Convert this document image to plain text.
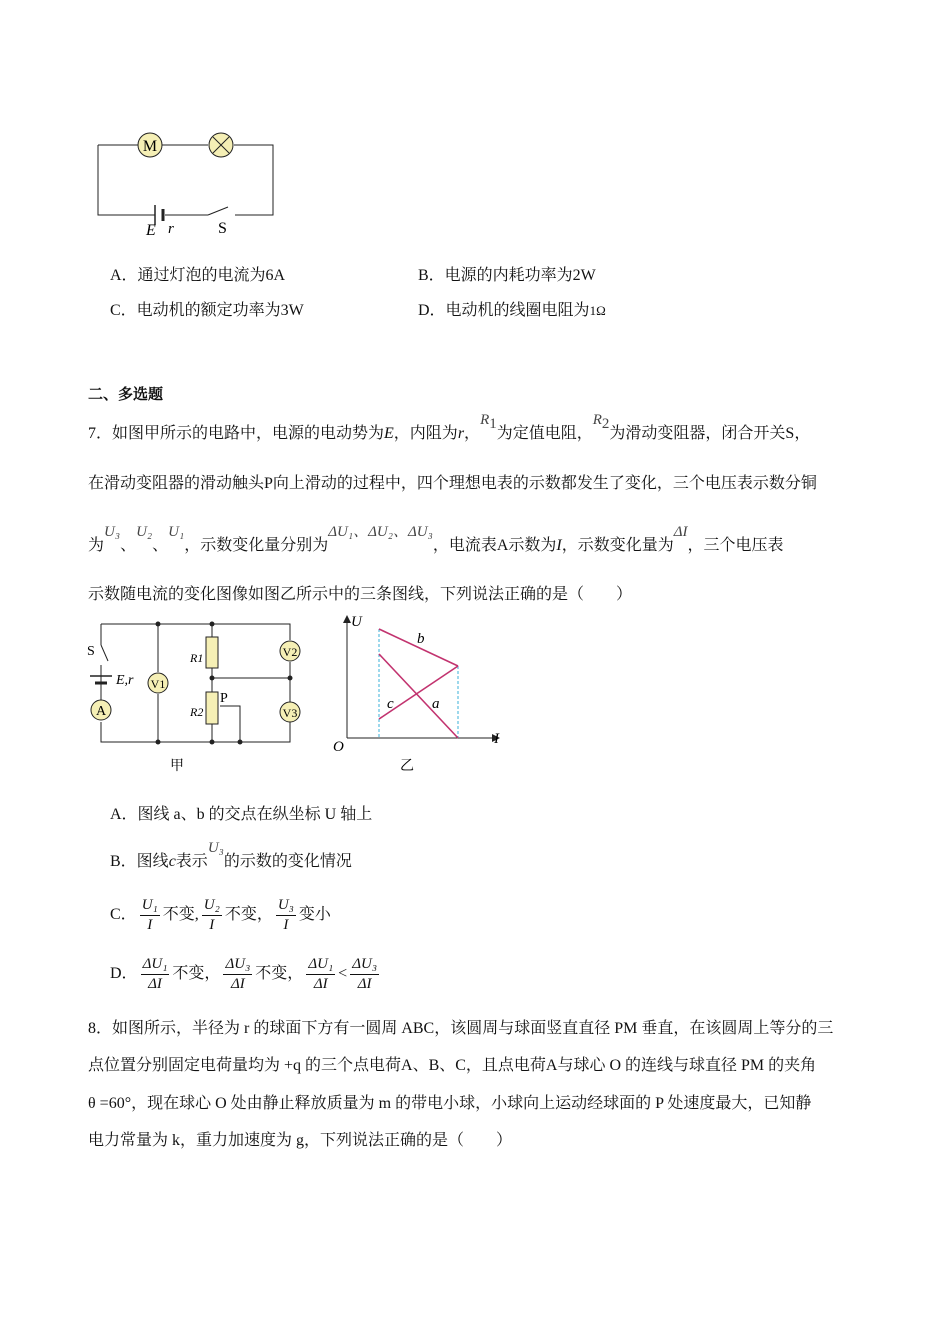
M
E r	S
A．通过灯泡的电流为6A	B．电源的内耗功率为2W
C．电动机的额定功率为3W	D．电动机的线圈电阻为1Ω
二、多选题
7．如图甲所示的电路中，电源的电动势为E，内阻为r，$R_1$为定值电阻，$R_2$为滑动变阻器，闭合开关S，
在滑动变阻器的滑动触头P向上滑动的过程中，四个理想电表的示数都发生了变化，三个电压表示数分铜
为U₃、U₂、U₁，示数变化量分别为ΔU₁、ΔU₂、ΔU₃，电流表A示数为I，示数变化量为ΔI，三个电压表
示数随电流的变化图像如图乙所示中的三条图线，下列说法正确的是（　　）
S
E,r
A
V1
V2
V3
R1
R2
P
甲
U
I
O
b
a
c
乙
A．图线 a、b 的交点在纵坐标 U 轴上
B．图线c表示U₃的示数的变化情况
C． $\frac{\text{U₁}}{I}$ 不变, $\frac{\text{U₂}}{I}$ 不变， $\frac{\text{U₃}}{I}$ 变小
D． $\frac{\text{ΔU₁}}{\Delta I}$ 不变， $\frac{\text{ΔU₃}}{\Delta I}$ 不变， $\frac{\text{ΔU₁}}{\Delta I} < \frac{\text{ΔU₃}}{\Delta I}$
8．如图所示，半径为 r 的球面下方有一圆周 ABC，该圆周与球面竖直直径 PM 垂直，在该圆周上等分的三
点位置分别固定电荷量均为 +q 的三个点电荷A、B、C，且点电荷A与球心 O 的连线与球直径 PM 的夹角
θ =60°，现在球心 O 处由静止释放质量为 m 的带电小球，小球向上运动经球面的 P 处速度最大，已知静
电力常量为 k，重力加速度为 g，下列说法正确的是（　　）
